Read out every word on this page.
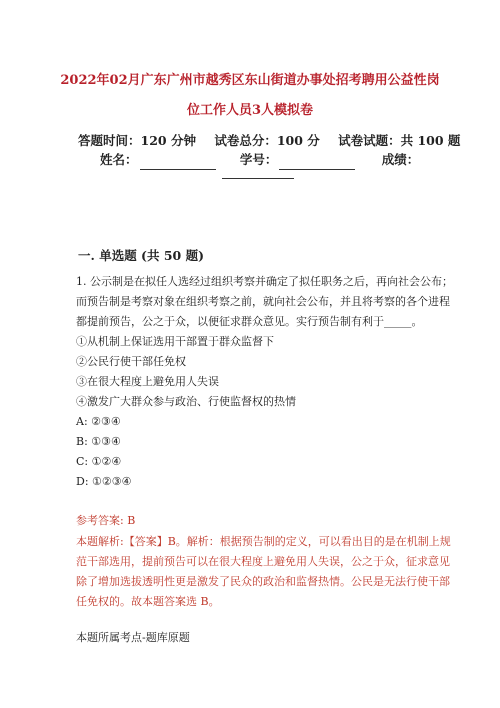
2022年02月广东广州市越秀区东山街道办事处招考聘用公益性岗
位工作人员3人模拟卷
答题时间：120 分钟 试卷总分：100 分 试卷试题：共 100 题
姓名：	学号：	成绩：
一. 单选题 (共 50 题)
1. 公示制是在拟任人选经过组织考察并确定了拟任职务之后，再向社会公布；
而预告制是考察对象在组织考察之前，就向社会公布，并且将考察的各个进程
都提前预告，公之于众，以便征求群众意见。实行预告制有利于_____。
①从机制上保证选用干部置于群众监督下
②公民行使干部任免权
③在很大程度上避免用人失误
④激发广大群众参与政治、行使监督权的热情
A: ②③④
B: ①③④
C: ①②④
D: ①②③④
参考答案: B
本题解析:【答案】B。解析：根据预告制的定义，可以看出目的是在机制上规
范干部选用，提前预告可以在很大程度上避免用人失误，公之于众，征求意见
除了增加选拔透明性更是激发了民众的政治和监督热情。公民是无法行使干部
任免权的。故本题答案选 B。
本题所属考点-题库原题
